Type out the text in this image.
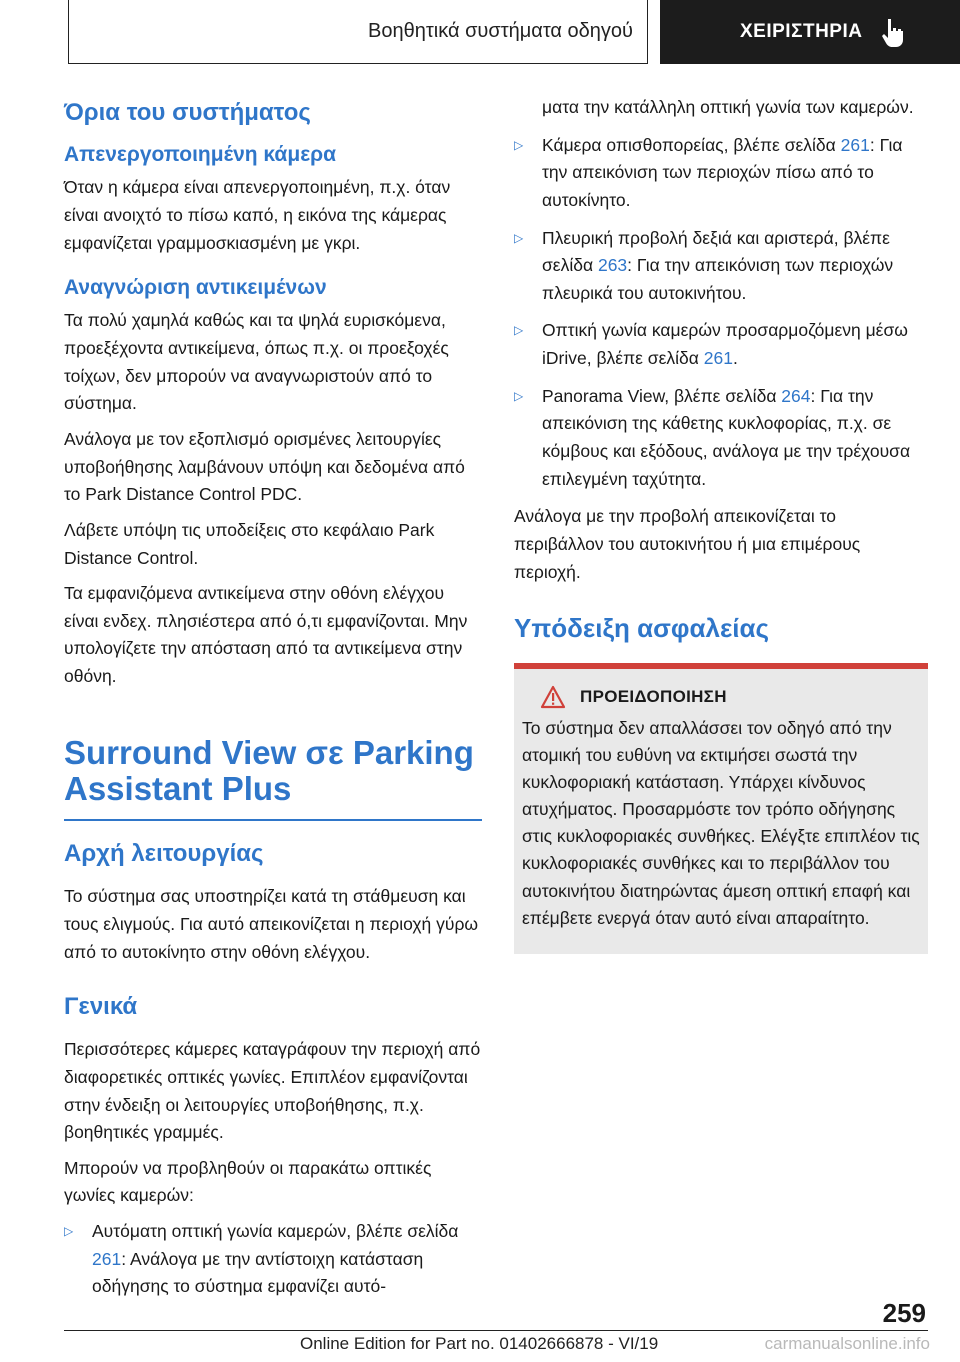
Βοηθητικά συστήματα οδηγού	ΧΕΙΡΙΣΤΗΡΙΑ
Όρια του συστήματος
Απενεργοποιημένη κάμερα

Όταν η κάμερα είναι απενεργοποιημένη, π.χ. όταν είναι ανοιχτό το πίσω καπό, η εικόνα της κάμερας εμφανίζεται γραμμοσκιασμένη με γκρι.

Αναγνώριση αντικειμένων

Τα πολύ χαμηλά καθώς και τα ψηλά ευρισκόμενα, προεξέχοντα αντικείμενα, όπως π.χ. οι προεξοχές τοίχων, δεν μπορούν να αναγνωριστούν από το σύστημα.

Ανάλογα με τον εξοπλισμό ορισμένες λειτουργίες υποβοήθησης λαμβάνουν υπόψη και δεδομένα από το Park Distance Control PDC.

Λάβετε υπόψη τις υποδείξεις στο κεφάλαιο Park Distance Control.

Τα εμφανιζόμενα αντικείμενα στην οθόνη ελέγχου είναι ενδεχ. πλησιέστερα από ό,τι εμφανίζονται. Μην υπολογίζετε την απόσταση από τα αντικείμενα στην οθόνη.

Surround View σε Parking Assistant Plus
Αρχή λειτουργίας

Το σύστημα σας υποστηρίζει κατά τη στάθμευση και τους ελιγμούς. Για αυτό απεικονίζεται η περιοχή γύρω από το αυτοκίνητο στην οθόνη ελέγχου.

Γενικά

Περισσότερες κάμερες καταγράφουν την περιοχή από διαφορετικές οπτικές γωνίες. Επιπλέον εμφανίζονται στην ένδειξη οι λειτουργίες υποβοήθησης, π.χ. βοηθητικές γραμμές.

Μπορούν να προβληθούν οι παρακάτω οπτικές γωνίες καμερών:

▷	Αυτόματη οπτική γωνία καμερών, βλέπε σελίδα 261: Ανάλογα με την αντίστοιχη κατάσταση οδήγησης το σύστημα εμφανίζει αυτό-
ματα την κατάλληλη οπτική γωνία των καμερών.
▷	Κάμερα οπισθοπορείας, βλέπε σελίδα 261: Για την απεικόνιση των περιοχών πίσω από το αυτοκίνητο.
▷	Πλευρική προβολή δεξιά και αριστερά, βλέπε σελίδα 263: Για την απεικόνιση των περιοχών πλευρικά του αυτοκινήτου.
▷	Οπτική γωνία καμερών προσαρμοζόμενη μέσω iDrive, βλέπε σελίδα 261.
▷	Panorama View, βλέπε σελίδα 264: Για την απεικόνιση της κάθετης κυκλοφορίας, π.χ. σε κόμβους και εξόδους, ανάλογα με την τρέχουσα επιλεγμένη ταχύτητα.

Ανάλογα με την προβολή απεικονίζεται το περιβάλλον του αυτοκινήτου ή μια επιμέρους περιοχή.

Υπόδειξη ασφαλείας
ΠΡΟΕΙΔΟΠΟΙΗΣΗ

Το σύστημα δεν απαλλάσσει τον οδηγό από την ατομική του ευθύνη να εκτιμήσει σωστά την κυκλοφοριακή κατάσταση. Υπάρχει κίνδυνος ατυχήματος. Προσαρμόστε τον τρόπο οδήγησης στις κυκλοφοριακές συνθήκες. Ελέγξτε επιπλέον τις κυκλοφοριακές συνθήκες και το περιβάλλον του αυτοκινήτου διατηρώντας άμεση οπτική επαφή και επέμβετε ενεργά όταν αυτό είναι απαραίτητο.

259
Online Edition for Part no. 01402666878 - VI/19	carmanualsonline.info
